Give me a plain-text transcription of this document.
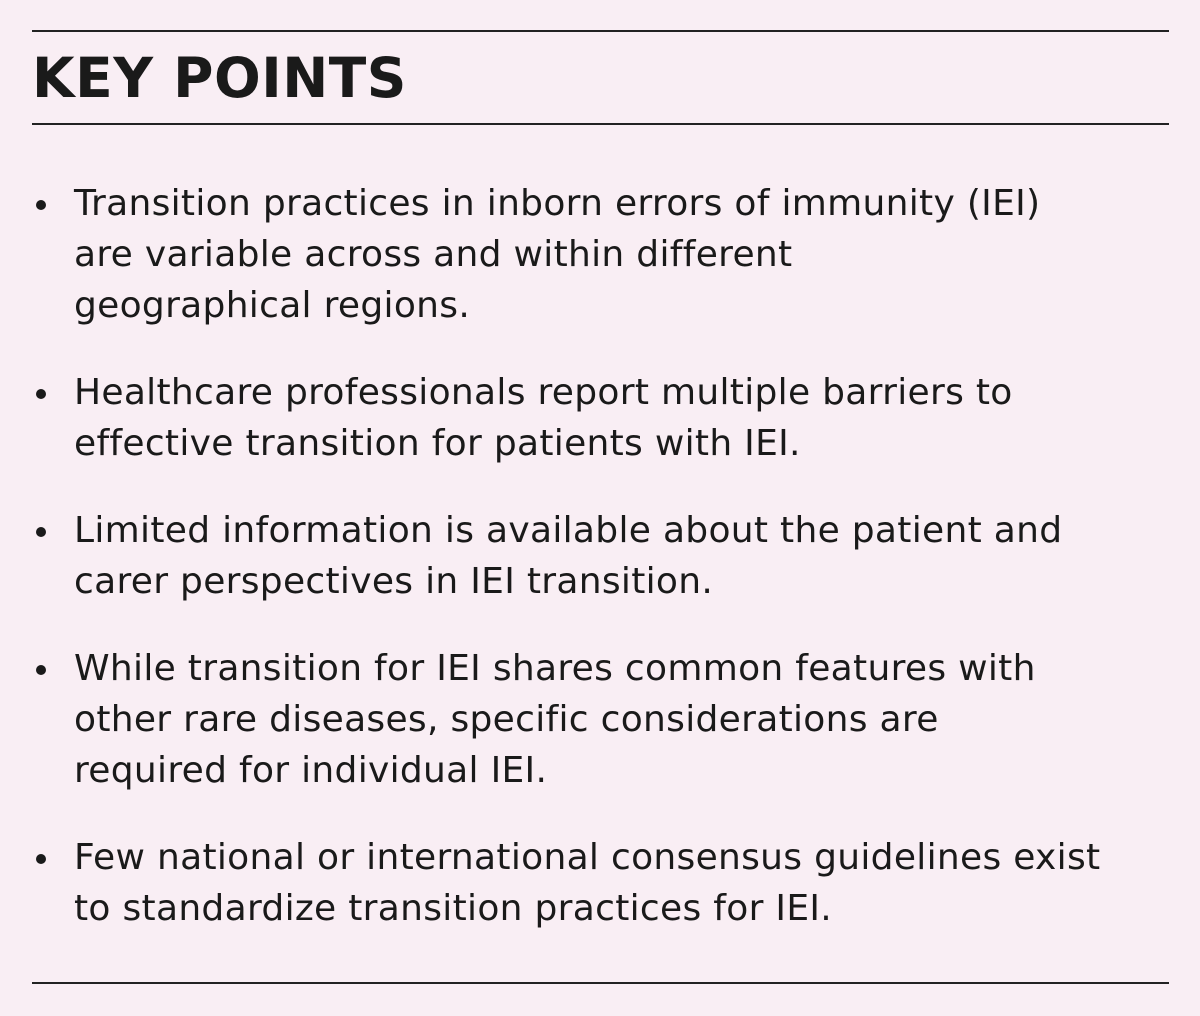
KEY POINTS
Transition practices in inborn errors of immunity (IEI)
are variable across and within different
geographical regions.
Healthcare professionals report multiple barriers to
effective transition for patients with IEI.
Limited information is available about the patient and
carer perspectives in IEI transition.
While transition for IEI shares common features with
other rare diseases, specific considerations are
required for individual IEI.
Few national or international consensus guidelines exist
to standardize transition practices for IEI.
